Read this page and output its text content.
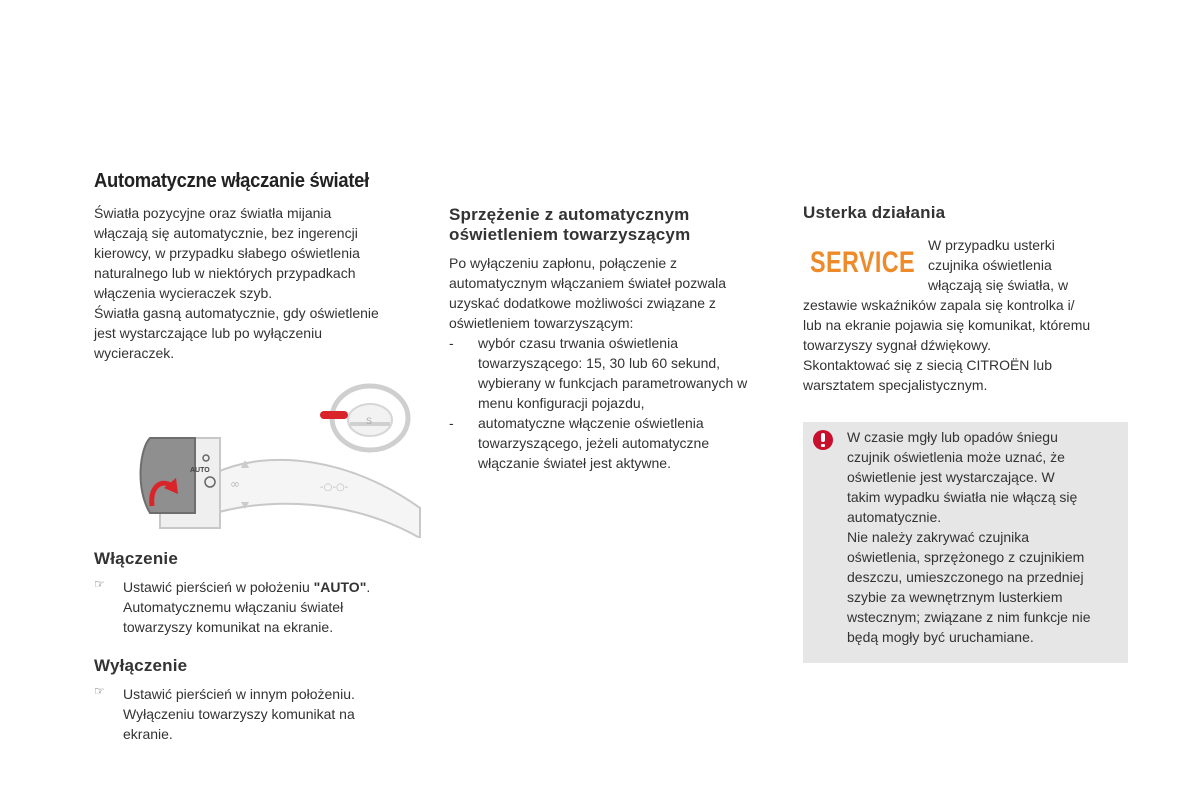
Automatyczne włączanie świateł

Światła pozycyjne oraz światła mijania

włączają się automatycznie, bez ingerencji

kierowcy, w przypadku słabego oświetlenia

naturalnego lub w niektórych przypadkach

włączenia wycieraczek szyb.

Światła gasną automatycznie, gdy oświetlenie

jest wystarczające lub po wyłączeniu

wycieraczek.

S
AUTO
∞	-○-○-
Włączenie
☞ Ustawić pierścień w położeniu "AUTO".

Automatycznemu włączaniu świateł

towarzyszy komunikat na ekranie.

Wyłączenie
☞ Ustawić pierścień w innym położeniu.

Wyłączeniu towarzyszy komunikat na

ekranie.

Sprzężenie z automatycznym
oświetleniem towarzyszącym

Po wyłączeniu zapłonu, połączenie z

automatycznym włączaniem świateł pozwala

uzyskać dodatkowe możliwości związane z

oświetleniem towarzyszącym:

- wybór czasu trwania oświetlenia

towarzyszącego: 15, 30 lub 60 sekund,

wybierany w funkcjach parametrowanych w

menu konfiguracji pojazdu,

- automatyczne włączenie oświetlenia

towarzyszącego, jeżeli automatyczne

włączanie świateł jest aktywne.

Usterka działania
SERVICE

W przypadku usterki

czujnika oświetlenia

włączają się światła, w

zestawie wskaźników zapala się kontrolka i/

lub na ekranie pojawia się komunikat, któremu

towarzyszy sygnał dźwiękowy.

Skontaktować się z siecią CITROËN lub

warsztatem specjalistycznym.

W czasie mgły lub opadów śniegu

czujnik oświetlenia może uznać, że

oświetlenie jest wystarczające. W

takim wypadku światła nie włączą się

automatycznie.

Nie należy zakrywać czujnika

oświetlenia, sprzężonego z czujnikiem

deszczu, umieszczonego na przedniej

szybie za wewnętrznym lusterkiem

wstecznym; związane z nim funkcje nie

będą mogły być uruchamiane.
